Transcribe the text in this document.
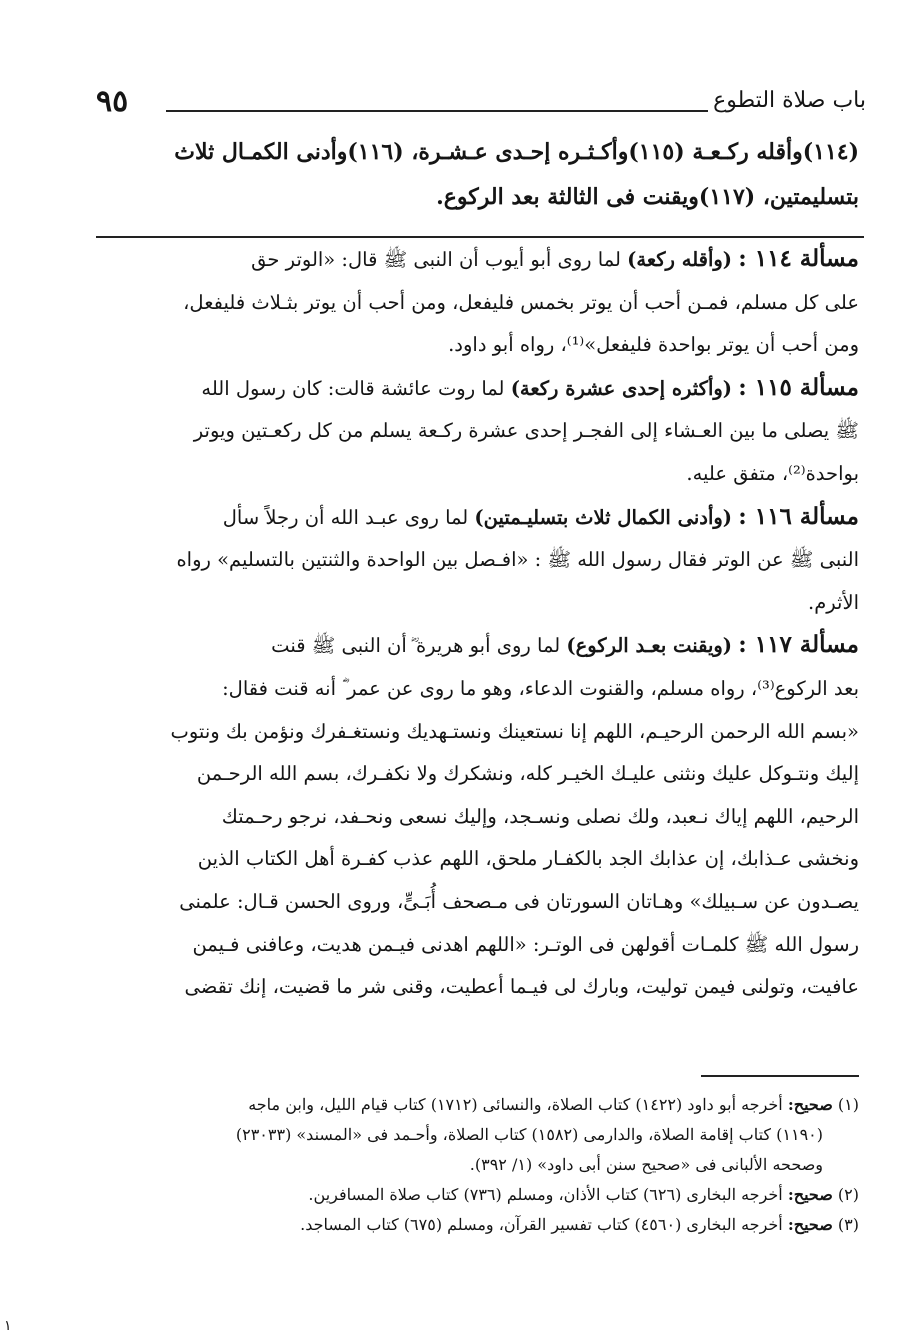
باب صلاة التطوع
٩٥

(١١٤)وأقله ركـعـة (١١٥)وأكـثـره إحـدى عـشـرة، (١١٦)وأدنى الكمـال ثلاث

بتسليمتين، (١١٧)ويقنت فى الثالثة بعد الركوع.

مسألة ١١٤ : (وأقله ركعة) لما روى أبو أيوب أن النبى ﷺ قال: «الوتر حق

على كل مسلم، فمـن أحب أن يوتر بخمس فليفعل، ومن أحب أن يوتر بثـلاث فليفعل،

ومن أحب أن يوتر بواحدة فليفعل»⁽¹⁾، رواه أبو داود.

مسألة ١١٥ : (وأكثره إحدى عشرة ركعة) لما روت عائشة قالت: كان رسول الله

ﷺ يصلى ما بين العـشاء إلى الفجـر إحدى عشرة ركـعة يسلم من كل ركعـتين ويوتر

بواحدة⁽²⁾، متفق عليه.

مسألة ١١٦ : (وأدنى الكمال ثلاث بتسليـمتين) لما روى عبـد الله أن رجلاً سأل

النبى ﷺ عن الوتر فقال رسول الله ﷺ : «افـصل بين الواحدة والثنتين بالتسليم» رواه

الأثرم.

مسألة ١١٧ : (ويقنت بعـد الركوع) لما روى أبو هريرة ؓ أن النبى ﷺ قنت

بعد الركوع⁽³⁾، رواه مسلم، والقنوت الدعاء، وهو ما روى عن عمر ؓ أنه قنت فقال:

«بسم الله الرحمن الرحيـم، اللهم إنا نستعينك ونستـهديك ونستغـفرك ونؤمن بك ونتوب

إليك ونتـوكل عليك ونثنى عليـك الخيـر كله، ونشكرك ولا نكفـرك، بسم الله الرحـمن

الرحيم، اللهم إياك نـعبد، ولك نصلى ونسـجد، وإليك نسعى ونحـفد، نرجو رحـمتك

ونخشى عـذابك، إن عذابك الجد بالكفـار ملحق، اللهم عذب كفـرة أهل الكتاب الذين

يصـدون عن سـبيلك» وهـاتان السورتان فى مـصحف أُبَـىٍّ، وروى الحسن قـال: علمنى

رسول الله ﷺ كلمـات أقولهن فى الوتـر: «اللهم اهدنى فيـمن هديت، وعافنى فـيمن

عافيت، وتولنى فيمن توليت، وبارك لى فيـما أعطيت، وقنى شر ما قضيت، إنك تقضى

(١) صحيح: أخرجه أبو داود (١٤٢٢) كتاب الصلاة، والنسائى (١٧١٢) كتاب قيام الليل، وابن ماجه

(١١٩٠) كتاب إقامة الصلاة، والدارمى (١٥٨٢) كتاب الصلاة، وأحـمد فى «المسند» (٢٣٠٣٣)

وصححه الألبانى فى «صحيح سنن أبى داود» (١/ ٣٩٢).

(٢) صحيح: أخرجه البخارى (٦٢٦) كتاب الأذان، ومسلم (٧٣٦) كتاب صلاة المسافرين.

(٣) صحيح: أخرجه البخارى (٤٥٦٠) كتاب تفسير القرآن، ومسلم (٦٧٥) كتاب المساجد.

١
